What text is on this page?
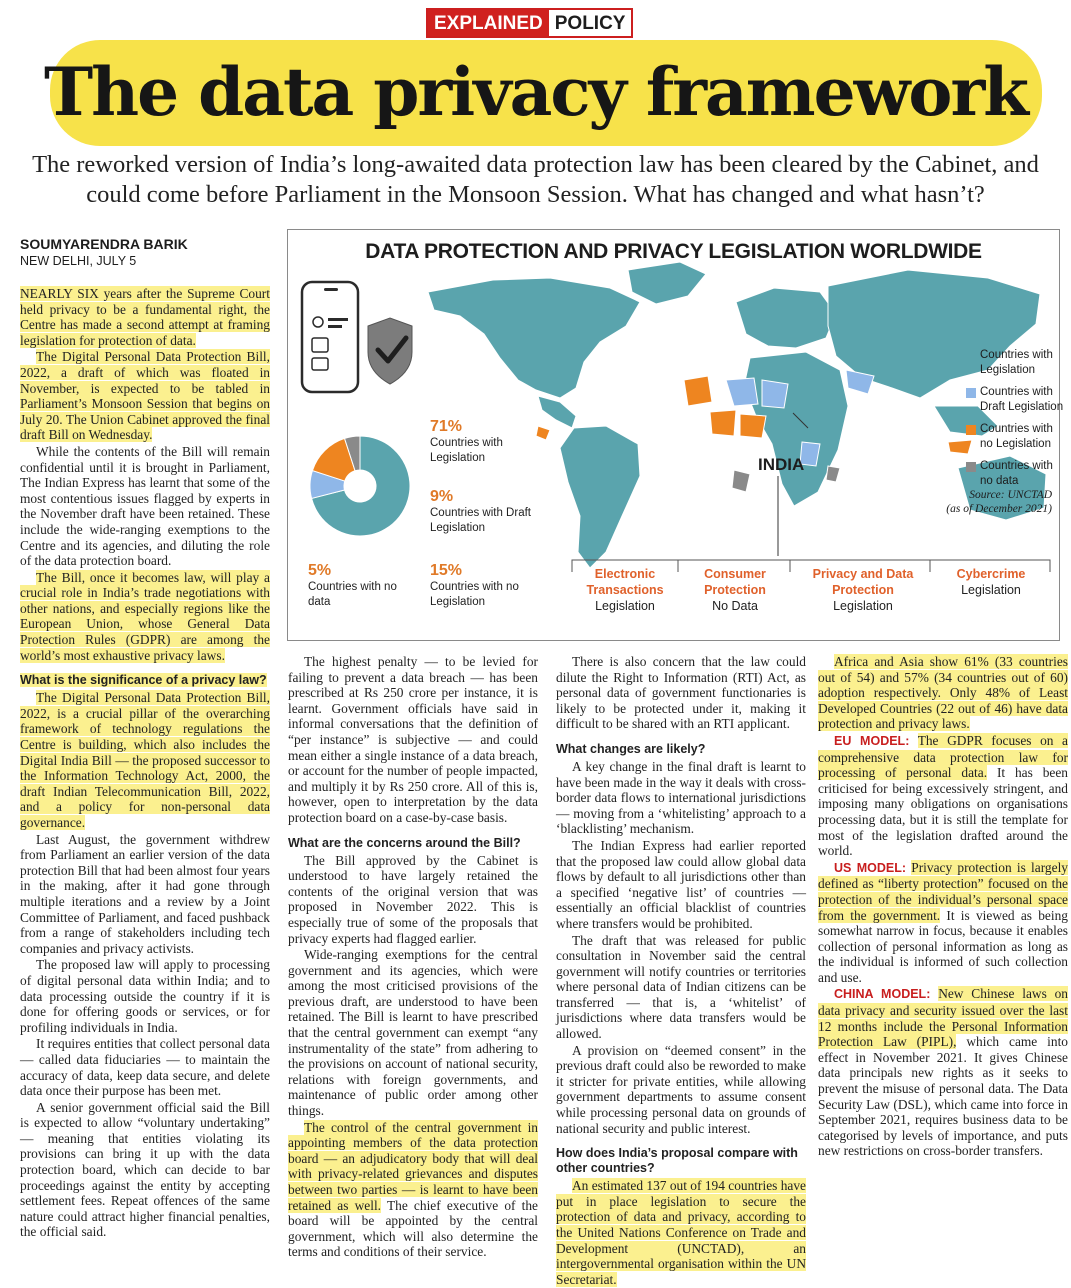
EXPLAINED POLICY
The data privacy framework
The reworked version of India’s long-awaited data protection law has been cleared by the Cabinet, and could come before Parliament in the Monsoon Session. What has changed and what hasn’t?
SOUMYARENDRA BARIK
NEW DELHI, JULY 5

NEARLY SIX years after the Supreme Court held privacy to be a fundamental right, the Centre has made a second attempt at framing legislation for protection of data.

The Digital Personal Data Protection Bill, 2022, a draft of which was floated in November, is expected to be tabled in Parliament’s Monsoon Session that begins on July 20. The Union Cabinet approved the final draft Bill on Wednesday.

While the contents of the Bill will remain confidential until it is brought in Parliament, The Indian Express has learnt that some of the most contentious issues flagged by experts in the November draft have been retained. These include the wide-ranging exemptions to the Centre and its agencies, and diluting the role of the data protection board.

The Bill, once it becomes law, will play a crucial role in India’s trade negotiations with other nations, and especially regions like the European Union, whose General Data Protection Rules (GDPR) are among the world’s most exhaustive privacy laws.

What is the significance of a privacy law?

The Digital Personal Data Protection Bill, 2022, is a crucial pillar of the overarching framework of technology regulations the Centre is building, which also includes the Digital India Bill — the proposed successor to the Information Technology Act, 2000, the draft Indian Telecommunication Bill, 2022, and a policy for non-personal data governance.

Last August, the government withdrew from Parliament an earlier version of the data protection Bill that had been almost four years in the making, after it had gone through multiple iterations and a review by a Joint Committee of Parliament, and faced pushback from a range of stakeholders including tech companies and privacy activists.

The proposed law will apply to processing of digital personal data within India; and to data processing outside the country if it is done for offering goods or services, or for profiling individuals in India.

It requires entities that collect personal data — called data fiduciaries — to maintain the accuracy of data, keep data secure, and delete data once their purpose has been met.

A senior government official said the Bill is expected to allow “voluntary undertaking” — meaning that entities violating its provisions can bring it up with the data protection board, which can decide to bar proceedings against the entity by accepting settlement fees. Repeat offences of the same nature could attract higher financial penalties, the official said.

DATA PROTECTION AND PRIVACY LEGISLATION WORLDWIDE
Countries with Legislation
Countries with Draft Legislation
Countries with no Legislation
Countries with no data
Source: UNCTAD
(as of December 2021)
INDIA
71%
Countries with Legislation
9%
Countries with Draft Legislation
15%
Countries with no Legislation
5%
Countries with no data
Electronic Transactions
Legislation
Consumer Protection
No Data
Privacy and Data Protection
Legislation
Cybercrime
Legislation

The highest penalty — to be levied for failing to prevent a data breach — has been prescribed at Rs 250 crore per instance, it is learnt. Government officials have said in informal conversations that the definition of “per instance” is subjective — and could mean either a single instance of a data breach, or account for the number of people impacted, and multiply it by Rs 250 crore. All of this is, however, open to interpretation by the data protection board on a case-by-case basis.

What are the concerns around the Bill?

The Bill approved by the Cabinet is understood to have largely retained the contents of the original version that was proposed in November 2022. This is especially true of some of the proposals that privacy experts had flagged earlier.

Wide-ranging exemptions for the central government and its agencies, which were among the most criticised provisions of the previous draft, are understood to have been retained. The Bill is learnt to have prescribed that the central government can exempt “any instrumentality of the state” from adhering to the provisions on account of national security, relations with foreign governments, and maintenance of public order among other things.

The control of the central government in appointing members of the data protection board — an adjudicatory body that will deal with privacy-related grievances and disputes between two parties — is learnt to have been retained as well. The chief executive of the board will be appointed by the central government, which will also determine the terms and conditions of their service.

There is also concern that the law could dilute the Right to Information (RTI) Act, as personal data of government functionaries is likely to be protected under it, making it difficult to be shared with an RTI applicant.

What changes are likely?

A key change in the final draft is learnt to have been made in the way it deals with cross-border data flows to international jurisdictions — moving from a ‘whitelisting’ approach to a ‘blacklisting’ mechanism.

The Indian Express had earlier reported that the proposed law could allow global data flows by default to all jurisdictions other than a specified ‘negative list’ of countries — essentially an official blacklist of countries where transfers would be prohibited.

The draft that was released for public consultation in November said the central government will notify countries or territories where personal data of Indian citizens can be transferred — that is, a ‘whitelist’ of jurisdictions where data transfers would be allowed.

A provision on “deemed consent” in the previous draft could also be reworded to make it stricter for private entities, while allowing government departments to assume consent while processing personal data on grounds of national security and public interest.

How does India’s proposal compare with other countries?

An estimated 137 out of 194 countries have put in place legislation to secure the protection of data and privacy, according to the United Nations Conference on Trade and Development (UNCTAD), an intergovernmental organisation within the UN Secretariat.

Africa and Asia show 61% (33 countries out of 54) and 57% (34 countries out of 60) adoption respectively. Only 48% of Least Developed Countries (22 out of 46) have data protection and privacy laws.

EU MODEL: The GDPR focuses on a comprehensive data protection law for processing of personal data. It has been criticised for being excessively stringent, and imposing many obligations on organisations processing data, but it is still the template for most of the legislation drafted around the world.

US MODEL: Privacy protection is largely defined as “liberty protection” focused on the protection of the individual’s personal space from the government. It is viewed as being somewhat narrow in focus, because it enables collection of personal information as long as the individual is informed of such collection and use.

CHINA MODEL: New Chinese laws on data privacy and security issued over the last 12 months include the Personal Information Protection Law (PIPL), which came into effect in November 2021. It gives Chinese data principals new rights as it seeks to prevent the misuse of personal data. The Data Security Law (DSL), which came into force in September 2021, requires business data to be categorised by levels of importance, and puts new restrictions on cross-border transfers.
